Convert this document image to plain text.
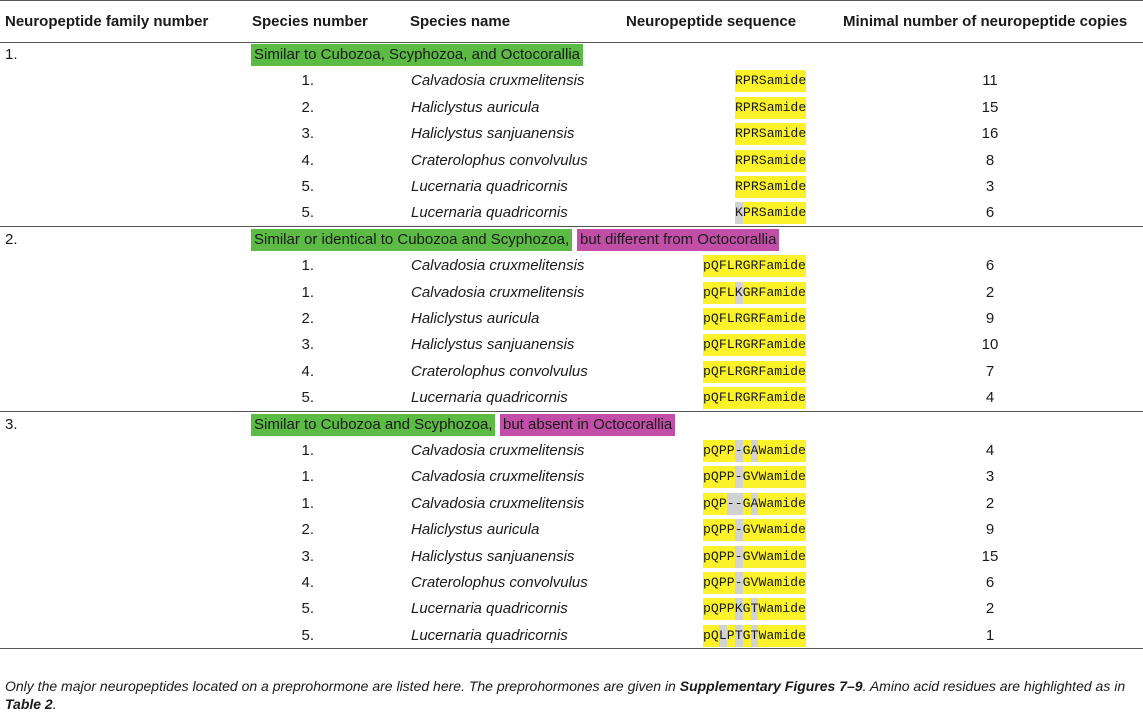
Neuropeptide family number	Species number	Species name	Neuropeptide sequence	Minimal number of neuropeptide copies
1.	Similar to Cubozoa, Scyphozoa, and Octocorallia
1.	Calvadosia cruxmelitensis	RPRSamide	11
2.	Haliclystus auricula	RPRSamide	15
3.	Haliclystus sanjuanensis	RPRSamide	16
4.	Craterolophus convolvulus	RPRSamide	8
5.	Lucernaria quadricornis	RPRSamide	3
5.	Lucernaria quadricornis	KPRSamide	6
2.	Similar or identical to Cubozoa and Scyphozoa, but different from Octocorallia
1.	Calvadosia cruxmelitensis	pQFLRGRFamide	6
1.	Calvadosia cruxmelitensis	pQFLKGRFamide	2
2.	Haliclystus auricula	pQFLRGRFamide	9
3.	Haliclystus sanjuanensis	pQFLRGRFamide	10
4.	Craterolophus convolvulus	pQFLRGRFamide	7
5.	Lucernaria quadricornis	pQFLRGRFamide	4
3.	Similar to Cubozoa and Scyphozoa, but absent in Octocorallia
1.	Calvadosia cruxmelitensis	pQPP-GAWamide	4
1.	Calvadosia cruxmelitensis	pQPP-GVWamide	3
1.	Calvadosia cruxmelitensis	pQP--GAWamide	2
2.	Haliclystus auricula	pQPP-GVWamide	9
3.	Haliclystus sanjuanensis	pQPP-GVWamide	15
4.	Craterolophus convolvulus	pQPP-GVWamide	6
5.	Lucernaria quadricornis	pQPPKGTWamide	2
5.	Lucernaria quadricornis	pQLPTGTWamide	1
Only the major neuropeptides located on a preprohormone are listed here. The preprohormones are given in Supplementary Figures 7–9. Amino acid residues are highlighted as in Table 2.
